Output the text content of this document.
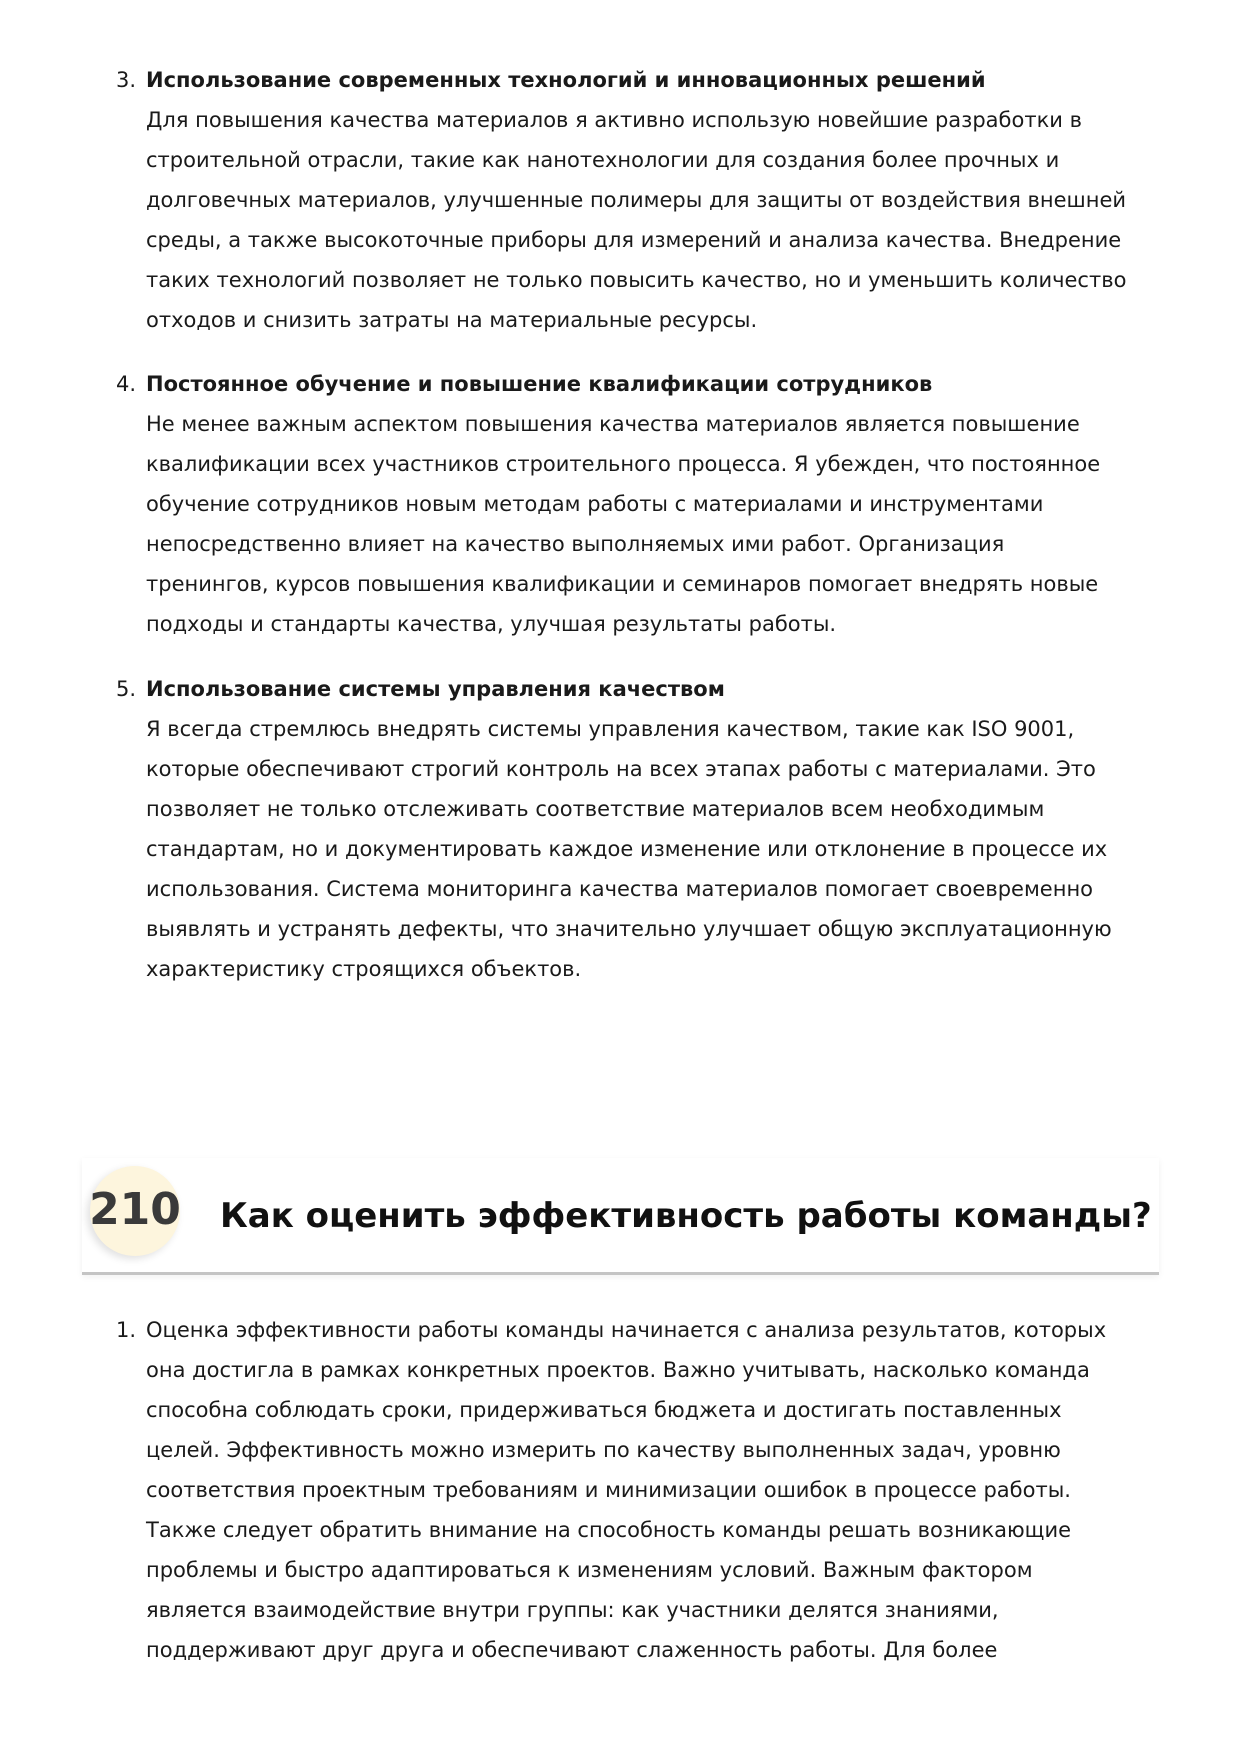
3. Использование современных технологий и инновационных решений

Для повышения качества материалов я активно использую новейшие разработки в
строительной отрасли, такие как нанотехнологии для создания более прочных и
долговечных материалов, улучшенные полимеры для защиты от воздействия внешней
среды, а также высокоточные приборы для измерений и анализа качества. Внедрение
таких технологий позволяет не только повысить качество, но и уменьшить количество
отходов и снизить затраты на материальные ресурсы.

4. Постоянное обучение и повышение квалификации сотрудников

Не менее важным аспектом повышения качества материалов является повышение
квалификации всех участников строительного процесса. Я убежден, что постоянное
обучение сотрудников новым методам работы с материалами и инструментами
непосредственно влияет на качество выполняемых ими работ. Организация
тренингов, курсов повышения квалификации и семинаров помогает внедрять новые
подходы и стандарты качества, улучшая результаты работы.

5. Использование системы управления качеством

Я всегда стремлюсь внедрять системы управления качеством, такие как ISO 9001,
которые обеспечивают строгий контроль на всех этапах работы с материалами. Это
позволяет не только отслеживать соответствие материалов всем необходимым
стандартам, но и документировать каждое изменение или отклонение в процессе их
использования. Система мониторинга качества материалов помогает своевременно
выявлять и устранять дефекты, что значительно улучшает общую эксплуатационную
характеристику строящихся объектов.

210 Как оценить эффективность работы команды?
1. Оценка эффективности работы команды начинается с анализа результатов, которых
она достигла в рамках конкретных проектов. Важно учитывать, насколько команда
способна соблюдать сроки, придерживаться бюджета и достигать поставленных
целей. Эффективность можно измерить по качеству выполненных задач, уровню
соответствия проектным требованиям и минимизации ошибок в процессе работы.
Также следует обратить внимание на способность команды решать возникающие
проблемы и быстро адаптироваться к изменениям условий. Важным фактором
является взаимодействие внутри группы: как участники делятся знаниями,
поддерживают друг друга и обеспечивают слаженность работы. Для более
